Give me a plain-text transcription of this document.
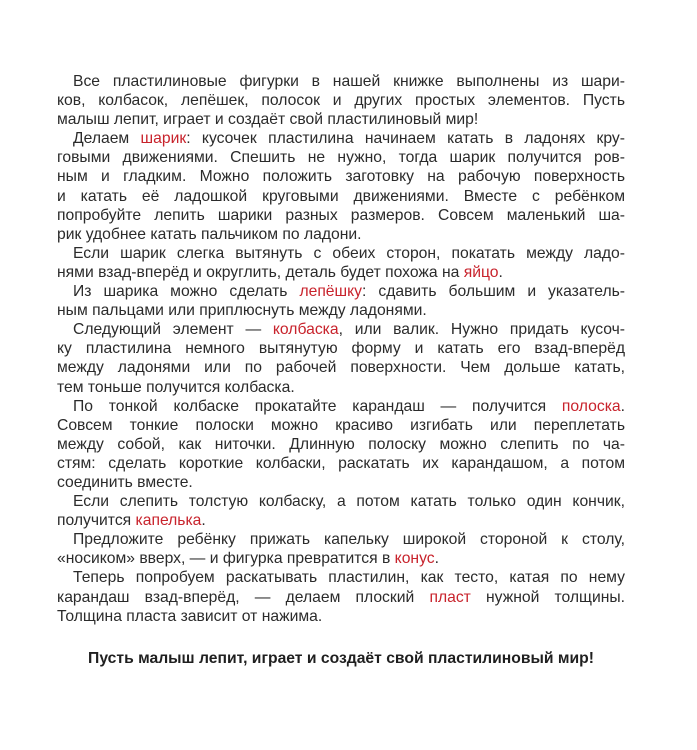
Все пластилиновые фигурки в нашей книжке выполнены из шари-
ков, колбасок, лепёшек, полосок и других простых элементов. Пусть
малыш лепит, играет и создаёт свой пластилиновый мир!
Делаем шарик: кусочек пластилина начинаем катать в ладонях кру-
говыми движениями. Спешить не нужно, тогда шарик получится ров-
ным и гладким. Можно положить заготовку на рабочую поверхность
и катать её ладошкой круговыми движениями. Вместе с ребёнком
попробуйте лепить шарики разных размеров. Совсем маленький ша-
рик удобнее катать пальчиком по ладони.
Если шарик слегка вытянуть с обеих сторон, покатать между ладо-
нями взад-вперёд и округлить, деталь будет похожа на яйцо.
Из шарика можно сделать лепёшку: сдавить большим и указатель-
ным пальцами или приплюснуть между ладонями.
Следующий элемент — колбаска, или валик. Нужно придать кусоч-
ку пластилина немного вытянутую форму и катать его взад-вперёд
между ладонями или по рабочей поверхности. Чем дольше катать,
тем тоньше получится колбаска.
По тонкой колбаске прокатайте карандаш — получится полоска.
Совсем тонкие полоски можно красиво изгибать или переплетать
между собой, как ниточки. Длинную полоску можно слепить по ча-
стям: сделать короткие колбаски, раскатать их карандашом, а потом
соединить вместе.
Если слепить толстую колбаску, а потом катать только один кончик,
получится капелька.
Предложите ребёнку прижать капельку широкой стороной к столу,
«носиком» вверх, — и фигурка превратится в конус.
Теперь попробуем раскатывать пластилин, как тесто, катая по нему
карандаш взад-вперёд, — делаем плоский пласт нужной толщины.
Толщина пласта зависит от нажима.
Пусть малыш лепит, играет и создаёт свой пластилиновый мир!
